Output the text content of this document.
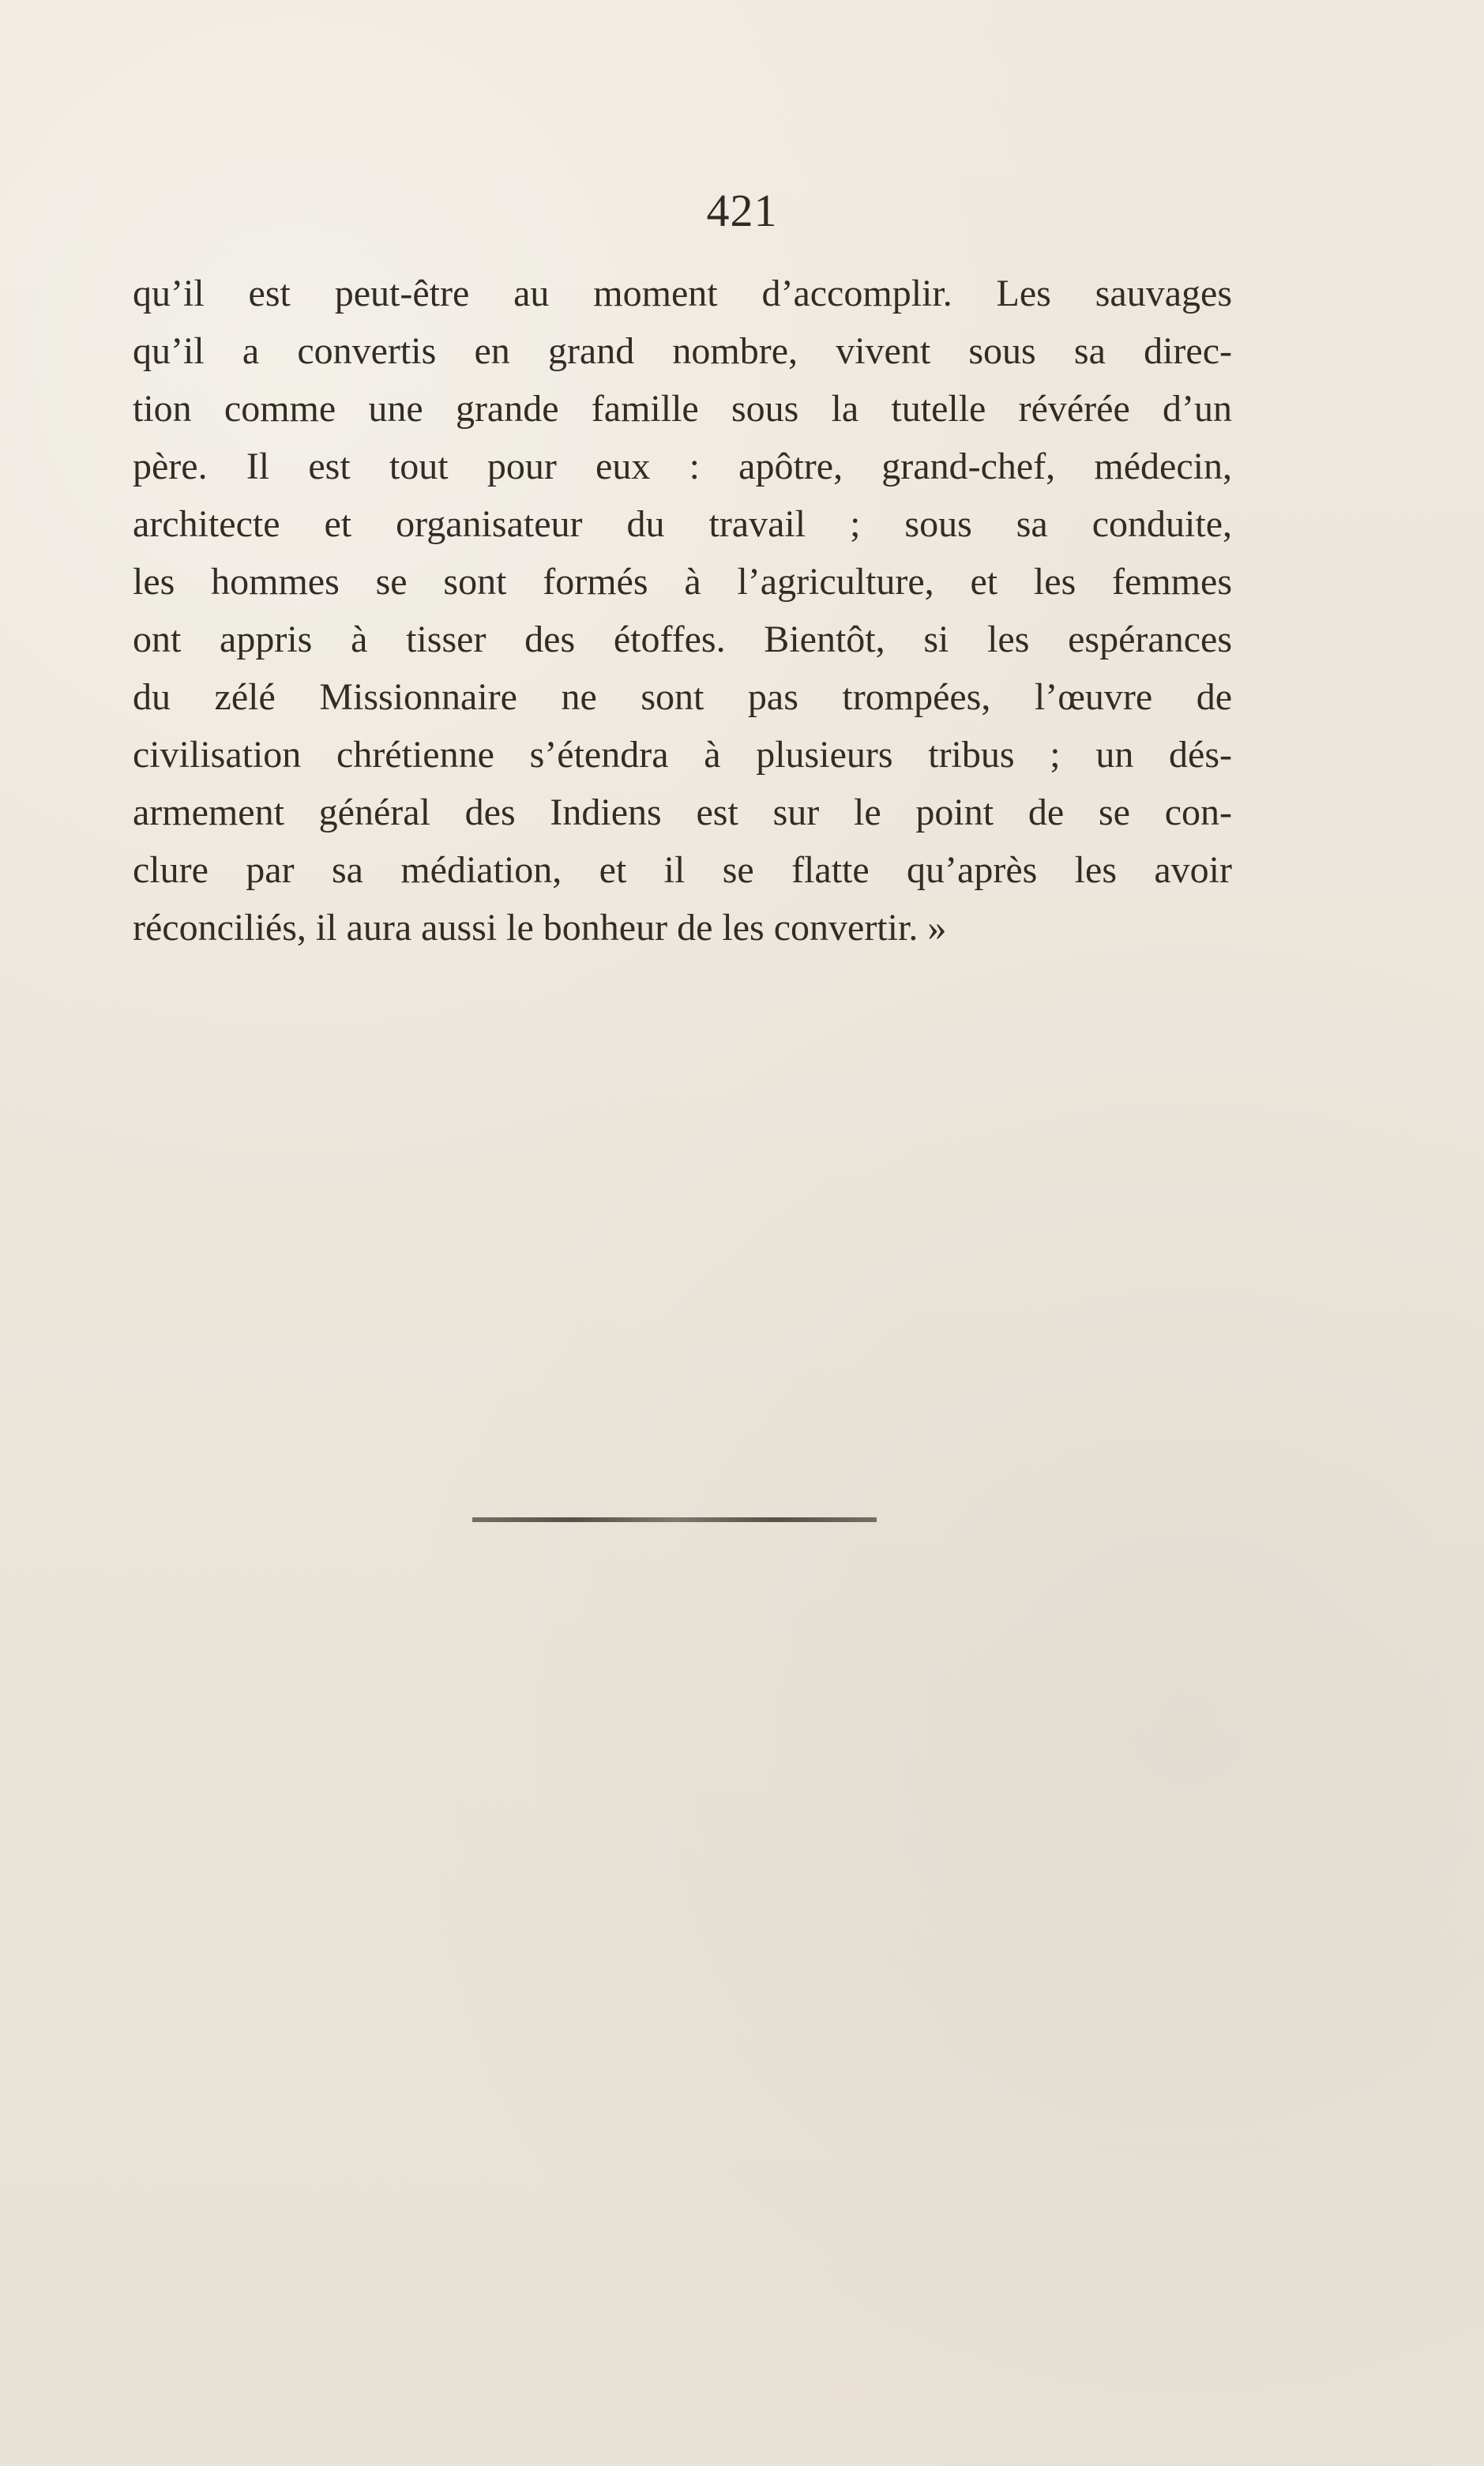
421
qu’il est peut-être au moment d’accomplir. Les sauvages
qu’il a convertis en grand nombre, vivent sous sa direc-
tion comme une grande famille sous la tutelle révérée d’un
père. Il est tout pour eux : apôtre, grand-chef, médecin,
architecte et organisateur du travail ; sous sa conduite,
les hommes se sont formés à l’agriculture, et les femmes
ont appris à tisser des étoffes. Bientôt, si les espérances
du zélé Missionnaire ne sont pas trompées, l’œuvre de
civilisation chrétienne s’étendra à plusieurs tribus ; un dés-
armement général des Indiens est sur le point de se con-
clure par sa médiation, et il se flatte qu’après les avoir
réconciliés, il aura aussi le bonheur de les convertir. »
